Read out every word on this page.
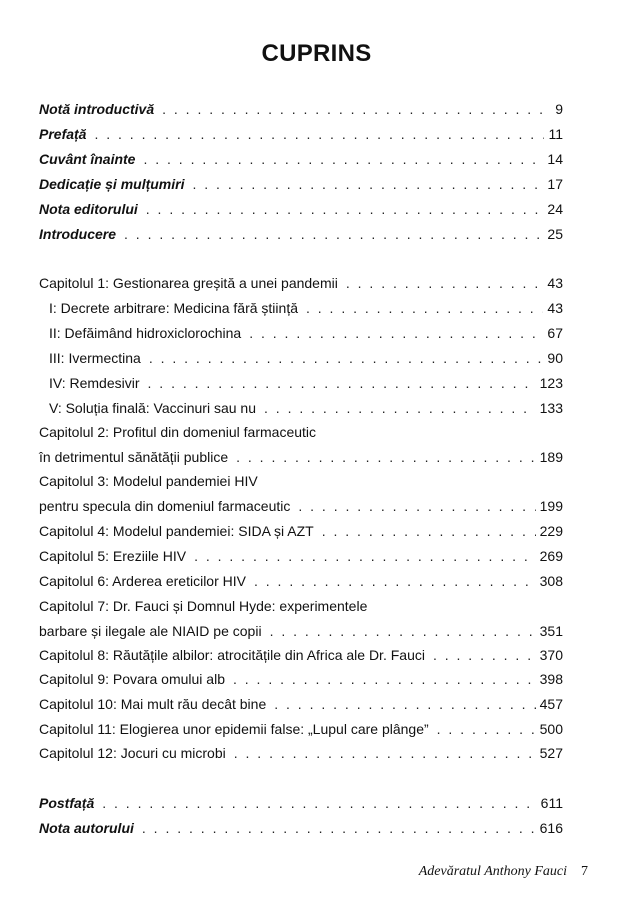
CUPRINS
Notă introductivă . . .	9
Prefață . . .	11
Cuvânt înainte . . .	14
Dedicație și mulțumiri . . .	17
Nota editorului . . .	24
Introducere . . .	25
Capitolul 1: Gestionarea greșită a unei pandemii . . .	43
I: Decrete arbitrare: Medicina fără știință . . .	43
II: Defăimând hidroxiclorochina . . .	67
III: Ivermectina . . .	90
IV: Remdesivir . . .	123
V: Soluția finală: Vaccinuri sau nu . . .	133
Capitolul 2: Profitul din domeniul farmaceutic
în detrimentul sănătății publice . . .	189
Capitolul 3: Modelul pandemiei HIV
pentru specula din domeniul farmaceutic . . .	199
Capitolul 4: Modelul pandemiei: SIDA și AZT . . .	229
Capitolul 5: Ereziile HIV . . .	269
Capitolul 6: Arderea ereticilor HIV . . .	308
Capitolul 7: Dr. Fauci și Domnul Hyde: experimentele
barbare și ilegale ale NIAID pe copii . . .	351
Capitolul 8: Răutățile albilor: atrocitățile din Africa ale Dr. Fauci . . .	370
Capitolul 9: Povara omului alb . . .	398
Capitolul 10: Mai mult rău decât bine . . .	457
Capitolul 11: Elogierea unor epidemii false: „Lupul care plânge” . . .	500
Capitolul 12: Jocuri cu microbi . . .	527
Postfață . . .	611
Nota autorului . . .	616
Adevăratul Anthony Fauci 7
